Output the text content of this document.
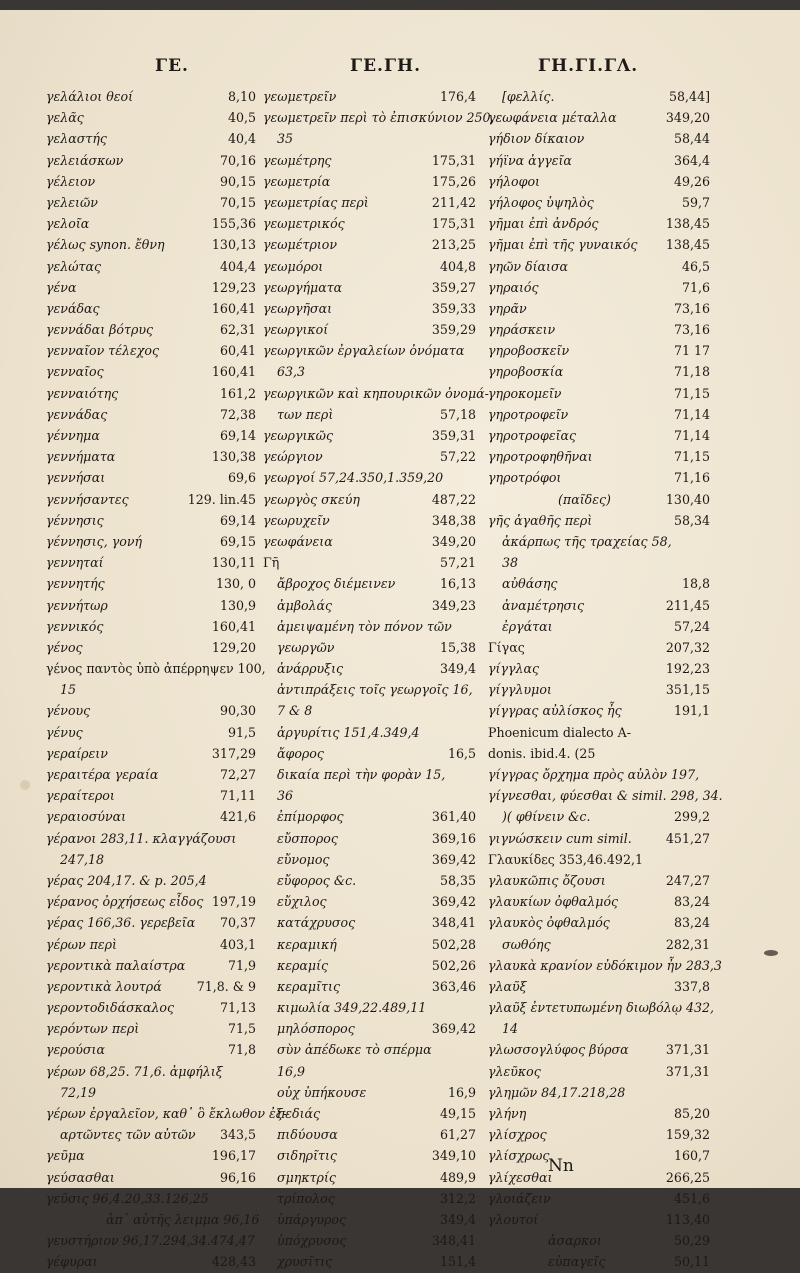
ΓΕ.	ΓΕ.ΓΗ.	ΓΗ.ΓΙ.ΓΛ.
γελάλιοι θεοί	8,10
γελᾶς	40,5
γελαστής	40,4
γελειάσκων	70,16
γέλειον	90,15
γελειῶν	70,15
γελοῖα	155,36
γέλως synon. ἔθνη	130,13
γελώτας	404,4
γένα	129,23
γενάδας	160,41
γεννάδαι βότρυς	62,31
γενναῖον τέλεχος	60,41
γενναῖος	160,41
γενναιότης	161,2
γεννάδας	72,38
γέννημα	69,14
γεννήματα	130,38
γεννήσαι	69,6
γεννήσαντες	129. lin.45
γέννησις	69,14
γέννησις, γονή	69,15
γεννηταί	130,11
γεννητής	130, 0
γεννήτωρ	130,9
γεννικός	160,41
γένος	129,20
γένος παντὸς ὑπὸ ἀπέρρηψεν 100,
15
γένους	90,30
γένυς	91,5
γεραίρειν	317,29
γεραιτέρα γεραία	72,27
γεραίτεροι	71,11
γεραιοσύναι	421,6
γέρανοι 283,11. κλαγγάζουσι
247,18
γέρας 204,17. & p. 205,4
γέρανος ὀρχήσεως εἶδος 197,19
γέρας 166,36. γερεβεῖα 70,37
γέρων περὶ	403,1
γεροντικὰ παλαίστρα	71,9
γεροντικὰ λουτρά	71,8. & 9
γεροντοδιδάσκαλος	71,13
γερόντων περὶ	71,5
γερούσια	71,8
γέρων 68,25. 71,6. ἀμφήλιξ
72,19
γέρων ἐργαλεῖον, καθ᾽ ὃ ἔκλωθον ἐξ-
αρτῶντες τῶν αὐτῶν 343,5
γεῦμα	196,17
γεύσασθαι	96,16
γεῦσις 96,4.20,33.126,25
ἀπ᾽ αὐτῆς λειμμα 96,16
γευστήριον 96,17.294,34.474,47
γέφυραι	428,43
γεωμετρεῖν	176,4
γεωμετρεῖν περὶ τὸ ἐπισκύνιον 250,
35
γεωμέτρης	175,31
γεωμετρία	175,26
γεωμετρίας περὶ	211,42
γεωμετρικός	175,31
γεωμέτριον	213,25
γεωμόροι	404,8
γεωργήματα	359,27
γεωργῆσαι	359,33
γεωργικοί	359,29
γεωργικῶν ἐργαλείων ὀνόματα
63,3
γεωργικῶν καὶ κηπουρικῶν ὀνομά-
των περὶ	57,18
γεωργικῶς	359,31
γεώργιον	57,22
γεωργοί 57,24.350,1.359,20
γεωργὸς σκεύη	487,22
γεωρυχεῖν	348,38
γεωφάνεια	349,20
Γῆ	57,21
ἄβροχος διέμεινεν	16,13
ἀμβολάς	349,23
ἀμειψαμένη τὸν πόνον τῶν
γεωργῶν	15,38
ἀνάρρυξις	349,4
ἀντιπράξεις τοῖς γεωργοῖς 16,
7 & 8
ἀργυρίτις 151,4.349,4
ἄφορος	16,5
δικαία περὶ τὴν φορὰν 15,
36
ἐπίμορφος	361,40
εὔσπορος	369,16
εὔνομος	369,42
εὔφορος &c.	58,35
εὔχιλος	369,42
κατάχρυσος	348,41
κεραμική	502,28
κεραμίς	502,26
κεραμῖτις	363,46
κιμωλία 349,22.489,11
μηλόσπορος	369,42
σὺν ἀπέδωκε τὸ σπέρμα
16,9
οὐχ ὑπήκουσε	16,9
πεδιάς	49,15
πιδύουσα	61,27
σιδηρῖτις	349,10
σμηκτρίς	489,9
τρίπολος	312,2
ὑπάργυρος	349,4
ὑπόχρυσος	348,41
χρυσῖτις	151,4
[φελλίς.	58,44]
γεωφάνεια μέταλλα	349,20
γήδιον δίκαιον	58,44
γήϊνα ἀγγεῖα	364,4
γήλοφοι	49,26
γήλοφος ὑψηλὸς	59,7
γῆμαι ἐπὶ ἀνδρός	138,45
γῆμαι ἐπὶ τῆς γυναικός 138,45
γηῶν δίαισα	46,5
γηραιός	71,6
γηρᾶν	73,16
γηράσκειν	73,16
γηροβοσκεῖν	71 17
γηροβοσκία	71,18
γηροκομεῖν	71,15
γηροτροφεῖν	71,14
γηροτροφεῖας	71,14
γηροτροφηθῆναι	71,15
γηροτρόφοι	71,16
(παῖδες)	130,40
γῆς ἀγαθῆς περὶ	58,34
ἀκάρπως τῆς τραχείας 58,
38
αὐθάσης	18,8
ἀναμέτρησις	211,45
ἐργάται	57,24
Γίγας	207,32
γίγγλας	192,23
γίγγλυμοι	351,15
γίγγρας αὐλίσκος ἦς	191,1
Phoenicum dialecto A-
donis. ibid.4. (25
γίγγρας ὄρχημα πρὸς αὐλὸν 197,
γίγνεσθαι, φύεσθαι & simil. 298, 34.
)( φθίνειν &c.	299,2
γιγνώσκειν cum simil.	451,27
Γλαυκίδες 353,46.492,1
γλαυκῶπις ὄζουσι	247,27
γλαυκίων ὀφθαλμός	83,24
γλαυκὸς ὀφθαλμός	83,24
σωθόης	282,31
γλαυκὰ κρανίον εὐδόκιμον ἦν 283,3
γλαῦξ	337,8
γλαῦξ ἐντετυπωμένη διωβόλῳ 432,
14
γλωσσογλύφος βύρσα	371,31
γλεῦκος	371,31
γλημῶν 84,17.218,28
γλήνη	85,20
γλίσχρος	159,32
γλίσχρως	160,7
γλίχεσθαι	266,25
γλοιάζειν	451,6
γλουτοί	113,40
ἀσαρκοι	50,29
εὐπαγεῖς	50,11
Nn
